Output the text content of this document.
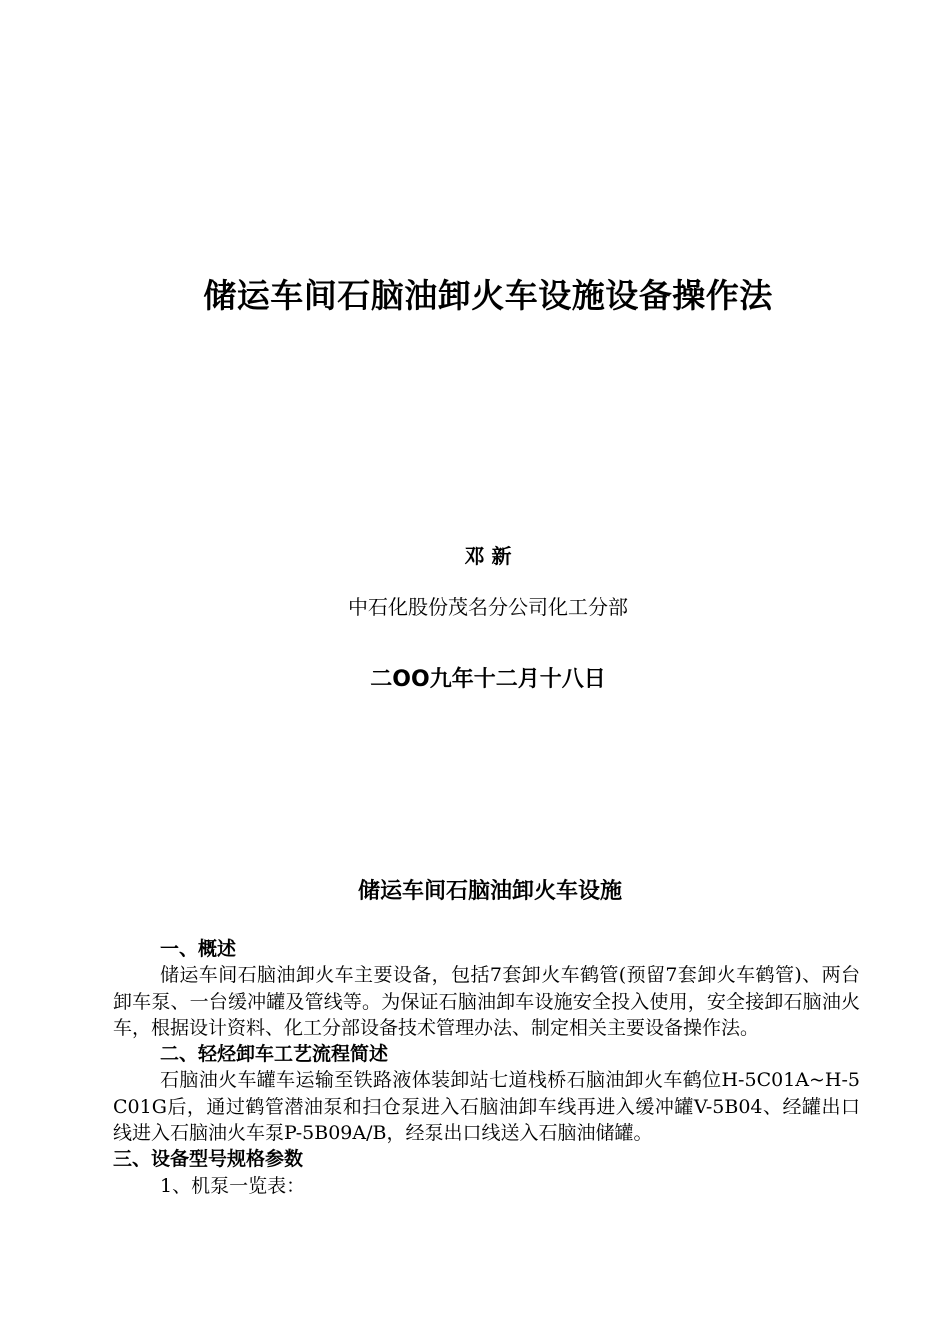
储运车间石脑油卸火车设施设备操作法
邓 新
中石化股份茂名分公司化工分部
二OO九年十二月十八日
储运车间石脑油卸火车设施

一、概述

储运车间石脑油卸火车主要设备，包括7套卸火车鹤管(预留7套卸火车鹤管)、两台卸车泵、一台缓冲罐及管线等。为保证石脑油卸车设施安全投入使用，安全接卸石脑油火车，根据设计资料、化工分部设备技术管理办法、制定相关主要设备操作法。

二、轻烃卸车工艺流程简述

石脑油火车罐车运输至铁路液体装卸站七道栈桥石脑油卸火车鹤位H-5C01A~H-5C01G后，通过鹤管潜油泵和扫仓泵进入石脑油卸车线再进入缓冲罐V-5B04、经罐出口线进入石脑油火车泵P-5B09A/B，经泵出口线送入石脑油储罐。

三、设备型号规格参数

1、机泵一览表：
